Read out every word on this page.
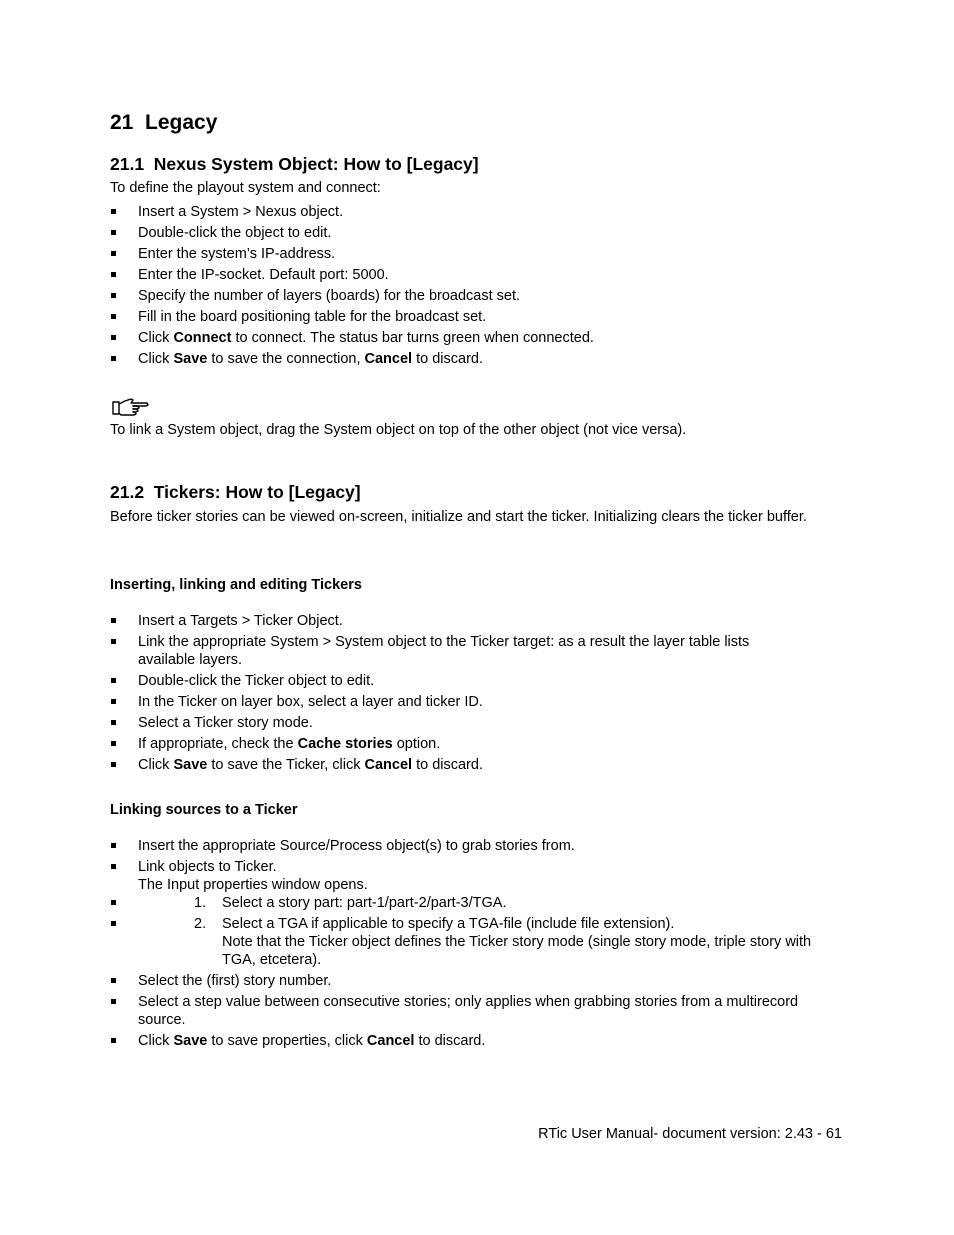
21 Legacy
21.1 Nexus System Object: How to [Legacy]

To define the playout system and connect:

Insert a System > Nexus object.
Double-click the object to edit.
Enter the system’s IP-address.
Enter the IP-socket. Default port: 5000.
Specify the number of layers (boards) for the broadcast set.
Fill in the board positioning table for the broadcast set.
Click Connect to connect. The status bar turns green when connected.
Click Save to save the connection, Cancel to discard.

To link a System object, drag the System object on top of the other object (not vice versa).

21.2 Tickers: How to [Legacy]

Before ticker stories can be viewed on-screen, initialize and start the ticker. Initializing clears the ticker buffer.

Inserting, linking and editing Tickers
Insert a Targets > Ticker Object.
Link the appropriate System > System object to the Ticker target: as a result the layer table lists available layers.
Double-click the Ticker object to edit.
In the Ticker on layer box, select a layer and ticker ID.
Select a Ticker story mode.
If appropriate, check the Cache stories option.
Click Save to save the Ticker, click Cancel to discard.
Linking sources to a Ticker
Insert the appropriate Source/Process object(s) to grab stories from.
Link objects to Ticker.
The Input properties window opens.
1. Select a story part: part-1/part-2/part-3/TGA.
2. Select a TGA if applicable to specify a TGA-file (include file extension).
Note that the Ticker object defines the Ticker story mode (single story mode, triple story with TGA, etcetera).
Select the (first) story number.
Select a step value between consecutive stories; only applies when grabbing stories from a multirecord source.
Click Save to save properties, click Cancel to discard.

RTic User Manual- document version: 2.43 - 61
